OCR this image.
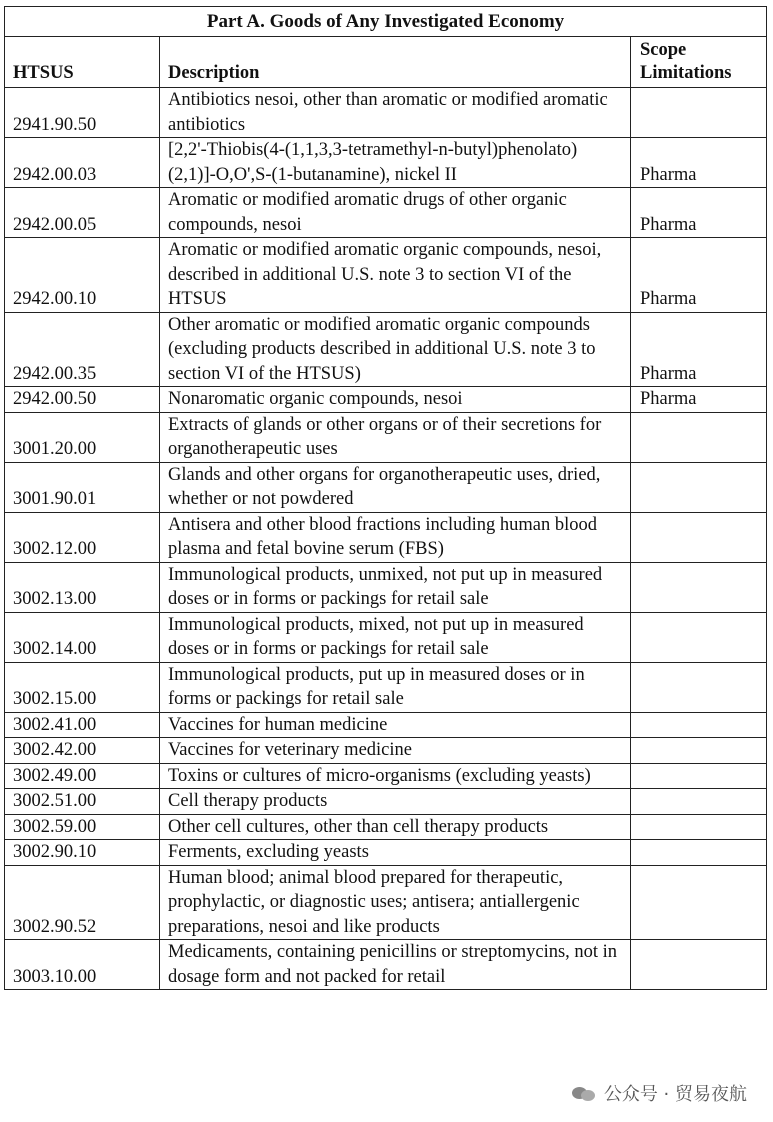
Part A. Goods of Any Investigated Economy		
HTSUS	Description	Scope Limitations

2941.90.50	Antibiotics nesoi, other than aromatic or modified aromatic antibiotics	
2942.00.03	[2,2'-Thiobis(4-(1,1,3,3-tetramethyl-n-butyl)phenolato)(2,1)]-O,O',S-(1-butanamine), nickel II	Pharma
2942.00.05	Aromatic or modified aromatic drugs of other organic compounds, nesoi	Pharma
2942.00.10	Aromatic or modified aromatic organic compounds, nesoi, described in additional U.S. note 3 to section VI of the HTSUS	Pharma
2942.00.35	Other aromatic or modified aromatic organic compounds (excluding products described in additional U.S. note 3 to section VI of the HTSUS)	Pharma
2942.00.50	Nonaromatic organic compounds, nesoi	Pharma
3001.20.00	Extracts of glands or other organs or of their secretions for organotherapeutic uses	
3001.90.01	Glands and other organs for organotherapeutic uses, dried, whether or not powdered	
3002.12.00	Antisera and other blood fractions including human blood plasma and fetal bovine serum (FBS)	
3002.13.00	Immunological products, unmixed, not put up in measured doses or in forms or packings for retail sale	
3002.14.00	Immunological products, mixed, not put up in measured doses or in forms or packings for retail sale	
3002.15.00	Immunological products, put up in measured doses or in forms or packings for retail sale	
3002.41.00	Vaccines for human medicine	
3002.42.00	Vaccines for veterinary medicine	
3002.49.00	Toxins or cultures of micro-organisms (excluding yeasts)	
3002.51.00	Cell therapy products	
3002.59.00	Other cell cultures, other than cell therapy products	
3002.90.10	Ferments, excluding yeasts	
3002.90.52	Human blood; animal blood prepared for therapeutic, prophylactic, or diagnostic uses; antisera; antiallergenic preparations, nesoi and like products	
3003.10.00	Medicaments, containing penicillins or streptomycins, not in dosage form and not packed for retail	
公众号 · 贸易夜航
